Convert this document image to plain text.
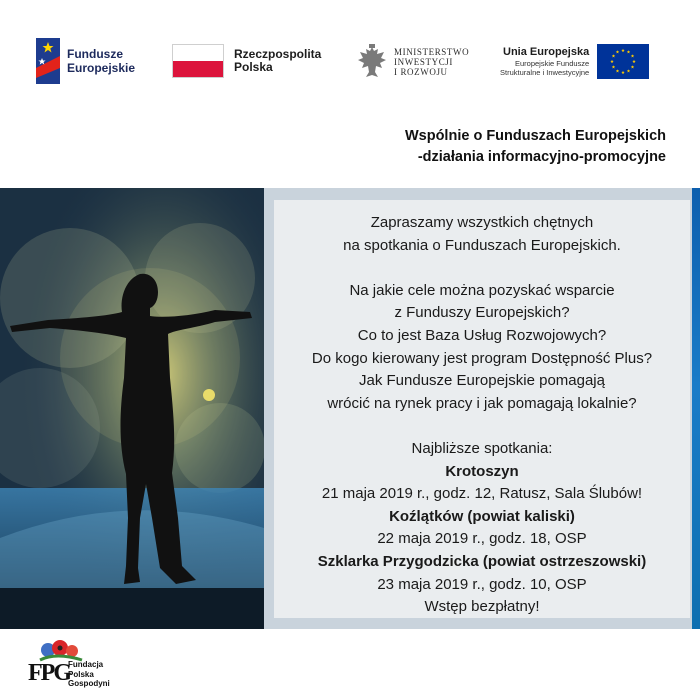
Fundusze
Europejskie
Rzeczpospolita
Polska
MINISTERSTWO
INWESTYCJI
I ROZWOJU
Unia Europejska
Europejskie Fundusze
Strukturalne i Inwestycyjne
Wspólnie o Funduszach Europejskich
-działania informacyjno-promocyjne
Zapraszamy wszystkich chętnych
na spotkania o Funduszach Europejskich.
Na jakie cele można pozyskać wsparcie
z Funduszy Europejskich?
Co to jest Baza Usług Rozwojowych?
Do kogo kierowany jest program Dostępność Plus?
Jak Fundusze Europejskie pomagają
wrócić na rynek pracy i jak pomagają lokalnie?
Najbliższe spotkania:
Krotoszyn
21 maja 2019 r., godz. 12, Ratusz, Sala Ślubów!
Koźlątków (powiat kaliski)
22 maja 2019 r., godz. 18, OSP
Szklarka Przygodzicka (powiat ostrzeszowski)
23 maja 2019 r., godz. 10, OSP
Wstęp bezpłatny!
FPG
Fundacja
Polska
Gospodyni
